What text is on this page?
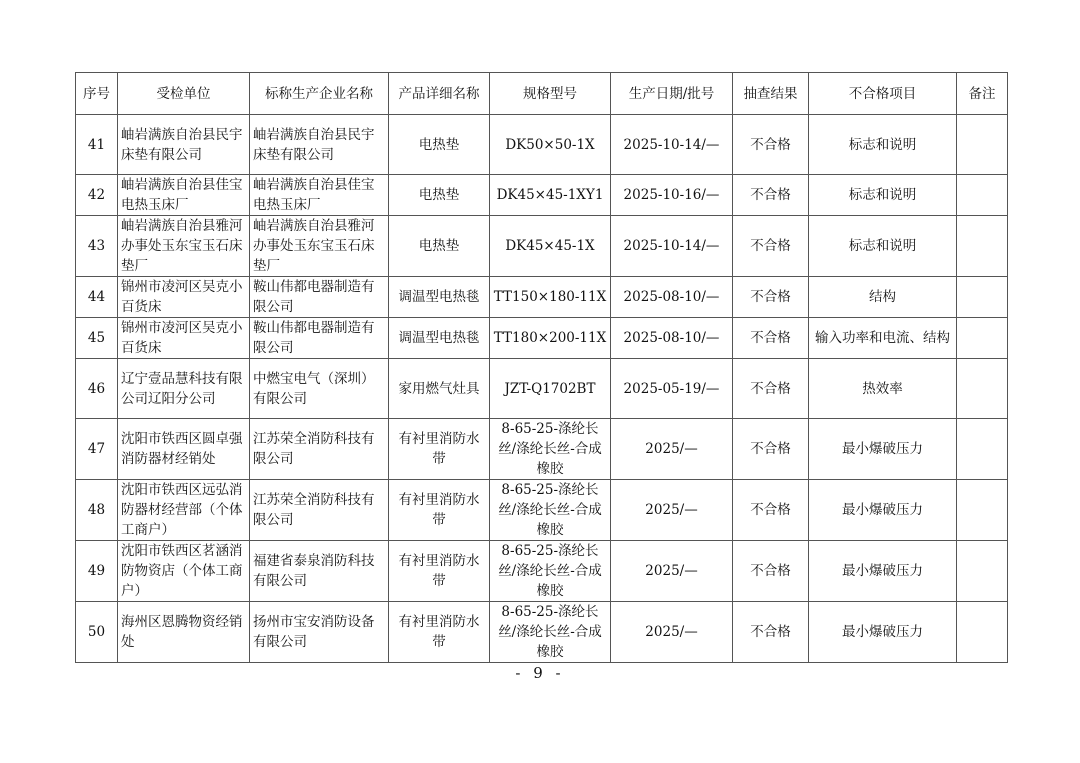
序号	受检单位	标称生产企业名称	产品详细名称	规格型号	生产日期/批号	抽查结果	不合格项目	备注
41	岫岩满族自治县民宇床垫有限公司	岫岩满族自治县民宇床垫有限公司	电热垫	DK50×50-1X	2025-10-14/—	不合格	标志和说明	
42	岫岩满族自治县佳宝电热玉床厂	岫岩满族自治县佳宝电热玉床厂	电热垫	DK45×45-1XY1	2025-10-16/—	不合格	标志和说明	
43	岫岩满族自治县雅河办事处玉东宝玉石床垫厂	岫岩满族自治县雅河办事处玉东宝玉石床垫厂	电热垫	DK45×45-1X	2025-10-14/—	不合格	标志和说明	
44	锦州市凌河区吴克小百货床	鞍山伟都电器制造有限公司	调温型电热毯	TT150×180-11X	2025-08-10/—	不合格	结构	
45	锦州市凌河区吴克小百货床	鞍山伟都电器制造有限公司	调温型电热毯	TT180×200-11X	2025-08-10/—	不合格	输入功率和电流、结构	
46	辽宁壹品慧科技有限公司辽阳分公司	中燃宝电气（深圳）有限公司	家用燃气灶具	JZT-Q1702BT	2025-05-19/—	不合格	热效率	
47	沈阳市铁西区圆卓强消防器材经销处	江苏荣全消防科技有限公司	有衬里消防水带	8-65-25-涤纶长丝/涤纶长丝-合成橡胶	2025/—	不合格	最小爆破压力	
48	沈阳市铁西区远弘消防器材经营部（个体工商户）	江苏荣全消防科技有限公司	有衬里消防水带	8-65-25-涤纶长丝/涤纶长丝-合成橡胶	2025/—	不合格	最小爆破压力	
49	沈阳市铁西区茗涵消防物资店（个体工商户）	福建省泰泉消防科技有限公司	有衬里消防水带	8-65-25-涤纶长丝/涤纶长丝-合成橡胶	2025/—	不合格	最小爆破压力	
50	海州区恩腾物资经销处	扬州市宝安消防设备有限公司	有衬里消防水带	8-65-25-涤纶长丝/涤纶长丝-合成橡胶	2025/—	不合格	最小爆破压力	
- 9 -
